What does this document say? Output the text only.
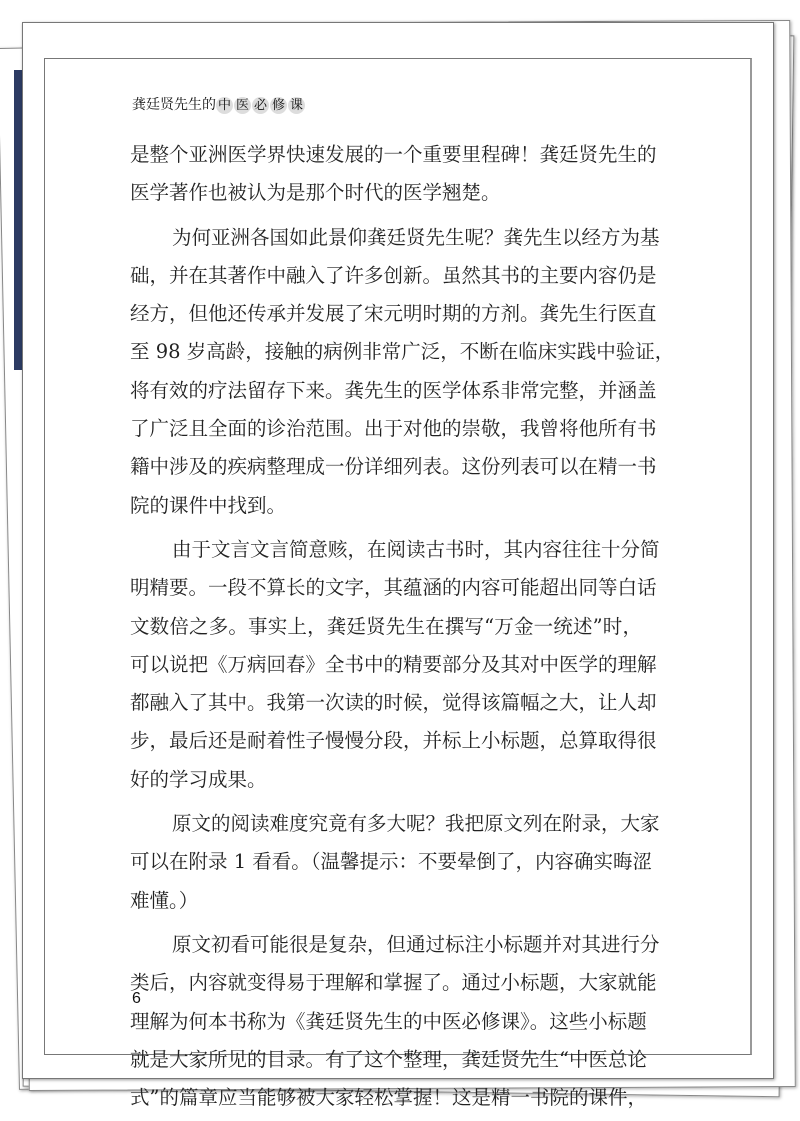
龚廷贤先生的 中 医 必 修 课
是整个亚洲医学界快速发展的一个重要里程碑！龚廷贤先生的
医学著作也被认为是那个时代的医学翘楚。
为何亚洲各国如此景仰龚廷贤先生呢？龚先生以经方为基
础，并在其著作中融入了许多创新。虽然其书的主要内容仍是
经方，但他还传承并发展了宋元明时期的方剂。龚先生行医直
至 98 岁高龄，接触的病例非常广泛，不断在临床实践中验证，
将有效的疗法留存下来。龚先生的医学体系非常完整，并涵盖
了广泛且全面的诊治范围。出于对他的崇敬，我曾将他所有书
籍中涉及的疾病整理成一份详细列表。这份列表可以在精一书
院的课件中找到。
由于文言文言简意赅，在阅读古书时，其内容往往十分简
明精要。一段不算长的文字，其蕴涵的内容可能超出同等白话
文数倍之多。事实上，龚廷贤先生在撰写“万金一统述”时，
可以说把《万病回春》全书中的精要部分及其对中医学的理解
都融入了其中。我第一次读的时候，觉得该篇幅之大，让人却
步，最后还是耐着性子慢慢分段，并标上小标题，总算取得很
好的学习成果。
原文的阅读难度究竟有多大呢？我把原文列在附录，大家
可以在附录 1 看看。（温馨提示：不要晕倒了，内容确实晦涩
难懂。）
原文初看可能很是复杂，但通过标注小标题并对其进行分
类后，内容就变得易于理解和掌握了。通过小标题，大家就能
理解为何本书称为《龚廷贤先生的中医必修课》。这些小标题
就是大家所见的目录。有了这个整理，龚廷贤先生“中医总论
式”的篇章应当能够被大家轻松掌握！这是精一书院的课件，
6
